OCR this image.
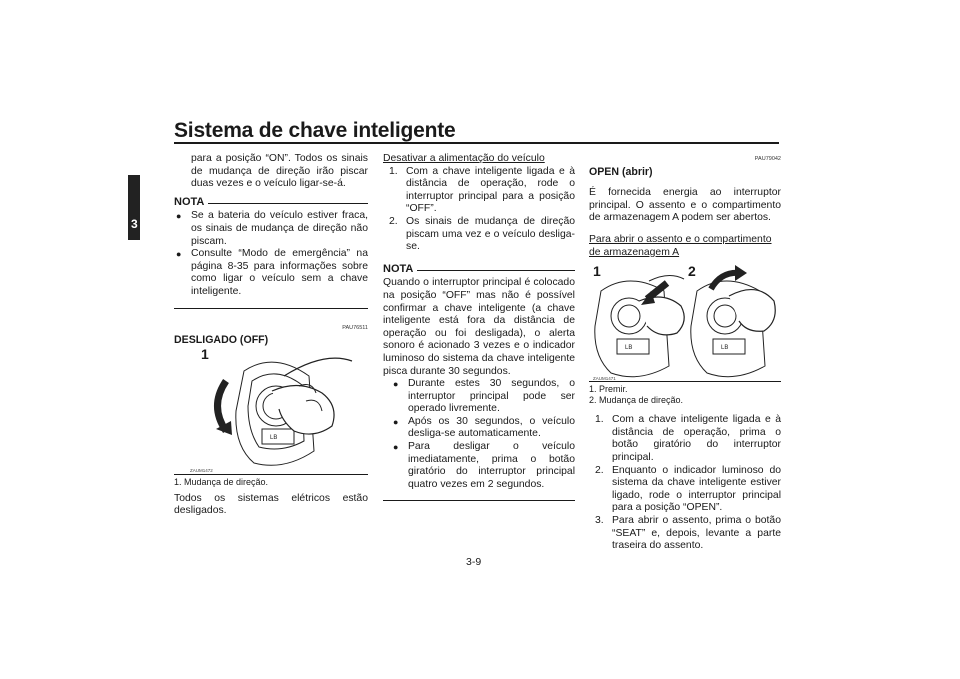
Sistema de chave inteligente
3

para a posição “ON”. Todos os sinais de mudança de direção irão piscar duas vezes e o veículo ligar-se-á.

NOTA
● Se a bateria do veículo estiver fraca, os sinais de mudança de direção não piscam.
● Consulte “Modo de emergência” na página 8-35 para informações sobre como ligar o veículo sem a chave inteligente.
PAU76511
DESLIGADO (OFF)
LB
1
ZAUM1472
1. Mudança de direção.

Todos os sistemas elétricos estão desligados.

Desativar a alimentação do veículo
1. Com a chave inteligente ligada e à distância de operação, rode o interruptor principal para a posição “OFF”.
2. Os sinais de mudança de direção piscam uma vez e o veículo desliga-se.
NOTA

Quando o interruptor principal é colocado na posição “OFF” mas não é possível confirmar a chave inteligente (a chave inteligente está fora da distância de operação ou foi desligada), o alerta sonoro é acionado 3 vezes e o indicador luminoso do sistema da chave inteligente pisca durante 30 segundos.

● Durante estes 30 segundos, o interruptor principal pode ser operado livremente.
● Após os 30 segundos, o veículo desliga-se automaticamente.
● Para desligar o veículo imediatamente, prima o botão giratório do interruptor principal quatro vezes em 2 segundos.
PAU79042
OPEN (abrir)

É fornecida energia ao interruptor principal. O assento e o compartimento de armazenagem A podem ser abertos.

Para abrir o assento e o compartimento de armazenagem A
LB	LB
1	2
ZAUM1471
1. Premir.
2. Mudança de direção.
1. Com a chave inteligente ligada e à distância de operação, prima o botão giratório do interruptor principal.
2. Enquanto o indicador luminoso do sistema da chave inteligente estiver ligado, rode o interruptor principal para a posição “OPEN”.
3. Para abrir o assento, prima o botão “SEAT” e, depois, levante a parte traseira do assento.
3-9
